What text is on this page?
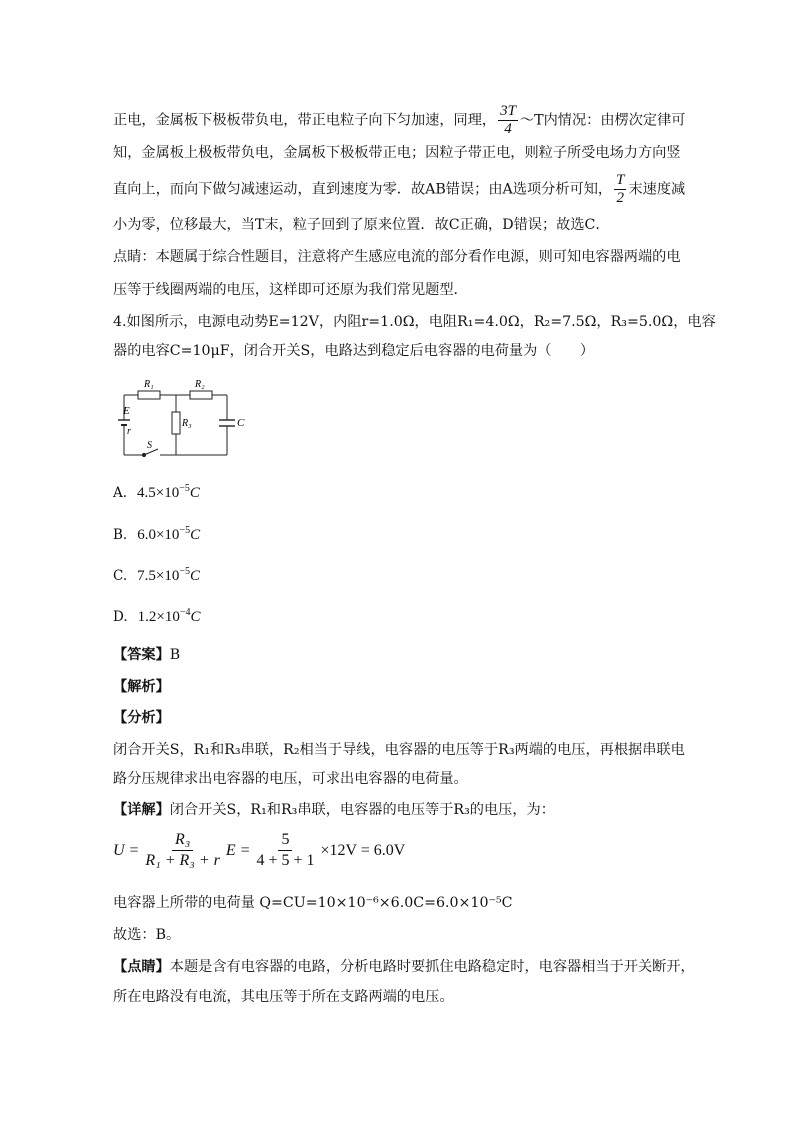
正电，金属板下极板带负电，带正电粒子向下匀加速，同理， $\frac{3T}{4}$ ～T内情况：由楞次定律可
知，金属板上极板带负电，金属板下极板带正电；因粒子带正电，则粒子所受电场力方向竖
直向上，而向下做匀减速运动，直到速度为零．故AB错误；由A选项分析可知， $\frac{T}{2}$ 末速度减
小为零，位移最大，当T末，粒子回到了原来位置．故C正确，D错误；故选C．
点睛：本题属于综合性题目，注意将产生感应电流的部分看作电源，则可知电容器两端的电
压等于线圈两端的电压，这样即可还原为我们常见题型．
4.如图所示，电源电动势E=12V，内阻r=1.0Ω，电阻R₁=4.0Ω，R₂=7.5Ω，R₃=5.0Ω，电容
器的电容C=10μF，闭合开关S，电路达到稳定后电容器的电荷量为（　　）
R₁	R₂
R₃
E
r
S
C
A. $4.5\times 10^{-5}C$
B. $6.0\times 10^{-5}C$
C. $7.5\times 10^{-5}C$
D. $1.2\times 10^{-4}C$
【答案】B
【解析】
【分析】
闭合开关S，R₁和R₃串联，R₂相当于导线，电容器的电压等于R₃两端的电压，再根据串联电
路分压规律求出电容器的电压，可求出电容器的电荷量。
【详解】闭合开关S，R₁和R₃串联，电容器的电压等于R₃的电压，为：
$U = \frac{\text{R₃}}{\text{R₁ + R₃ + r}}$ $E = \frac{5}{4 + 5 + 1} \times 12V = 6.0V$
电容器上所带的电荷量 Q=CU=10×10⁻⁶×6.0C=6.0×10⁻⁵C
故选：B。
【点睛】本题是含有电容器的电路，分析电路时要抓住电路稳定时，电容器相当于开关断开，
所在电路没有电流，其电压等于所在支路两端的电压。
